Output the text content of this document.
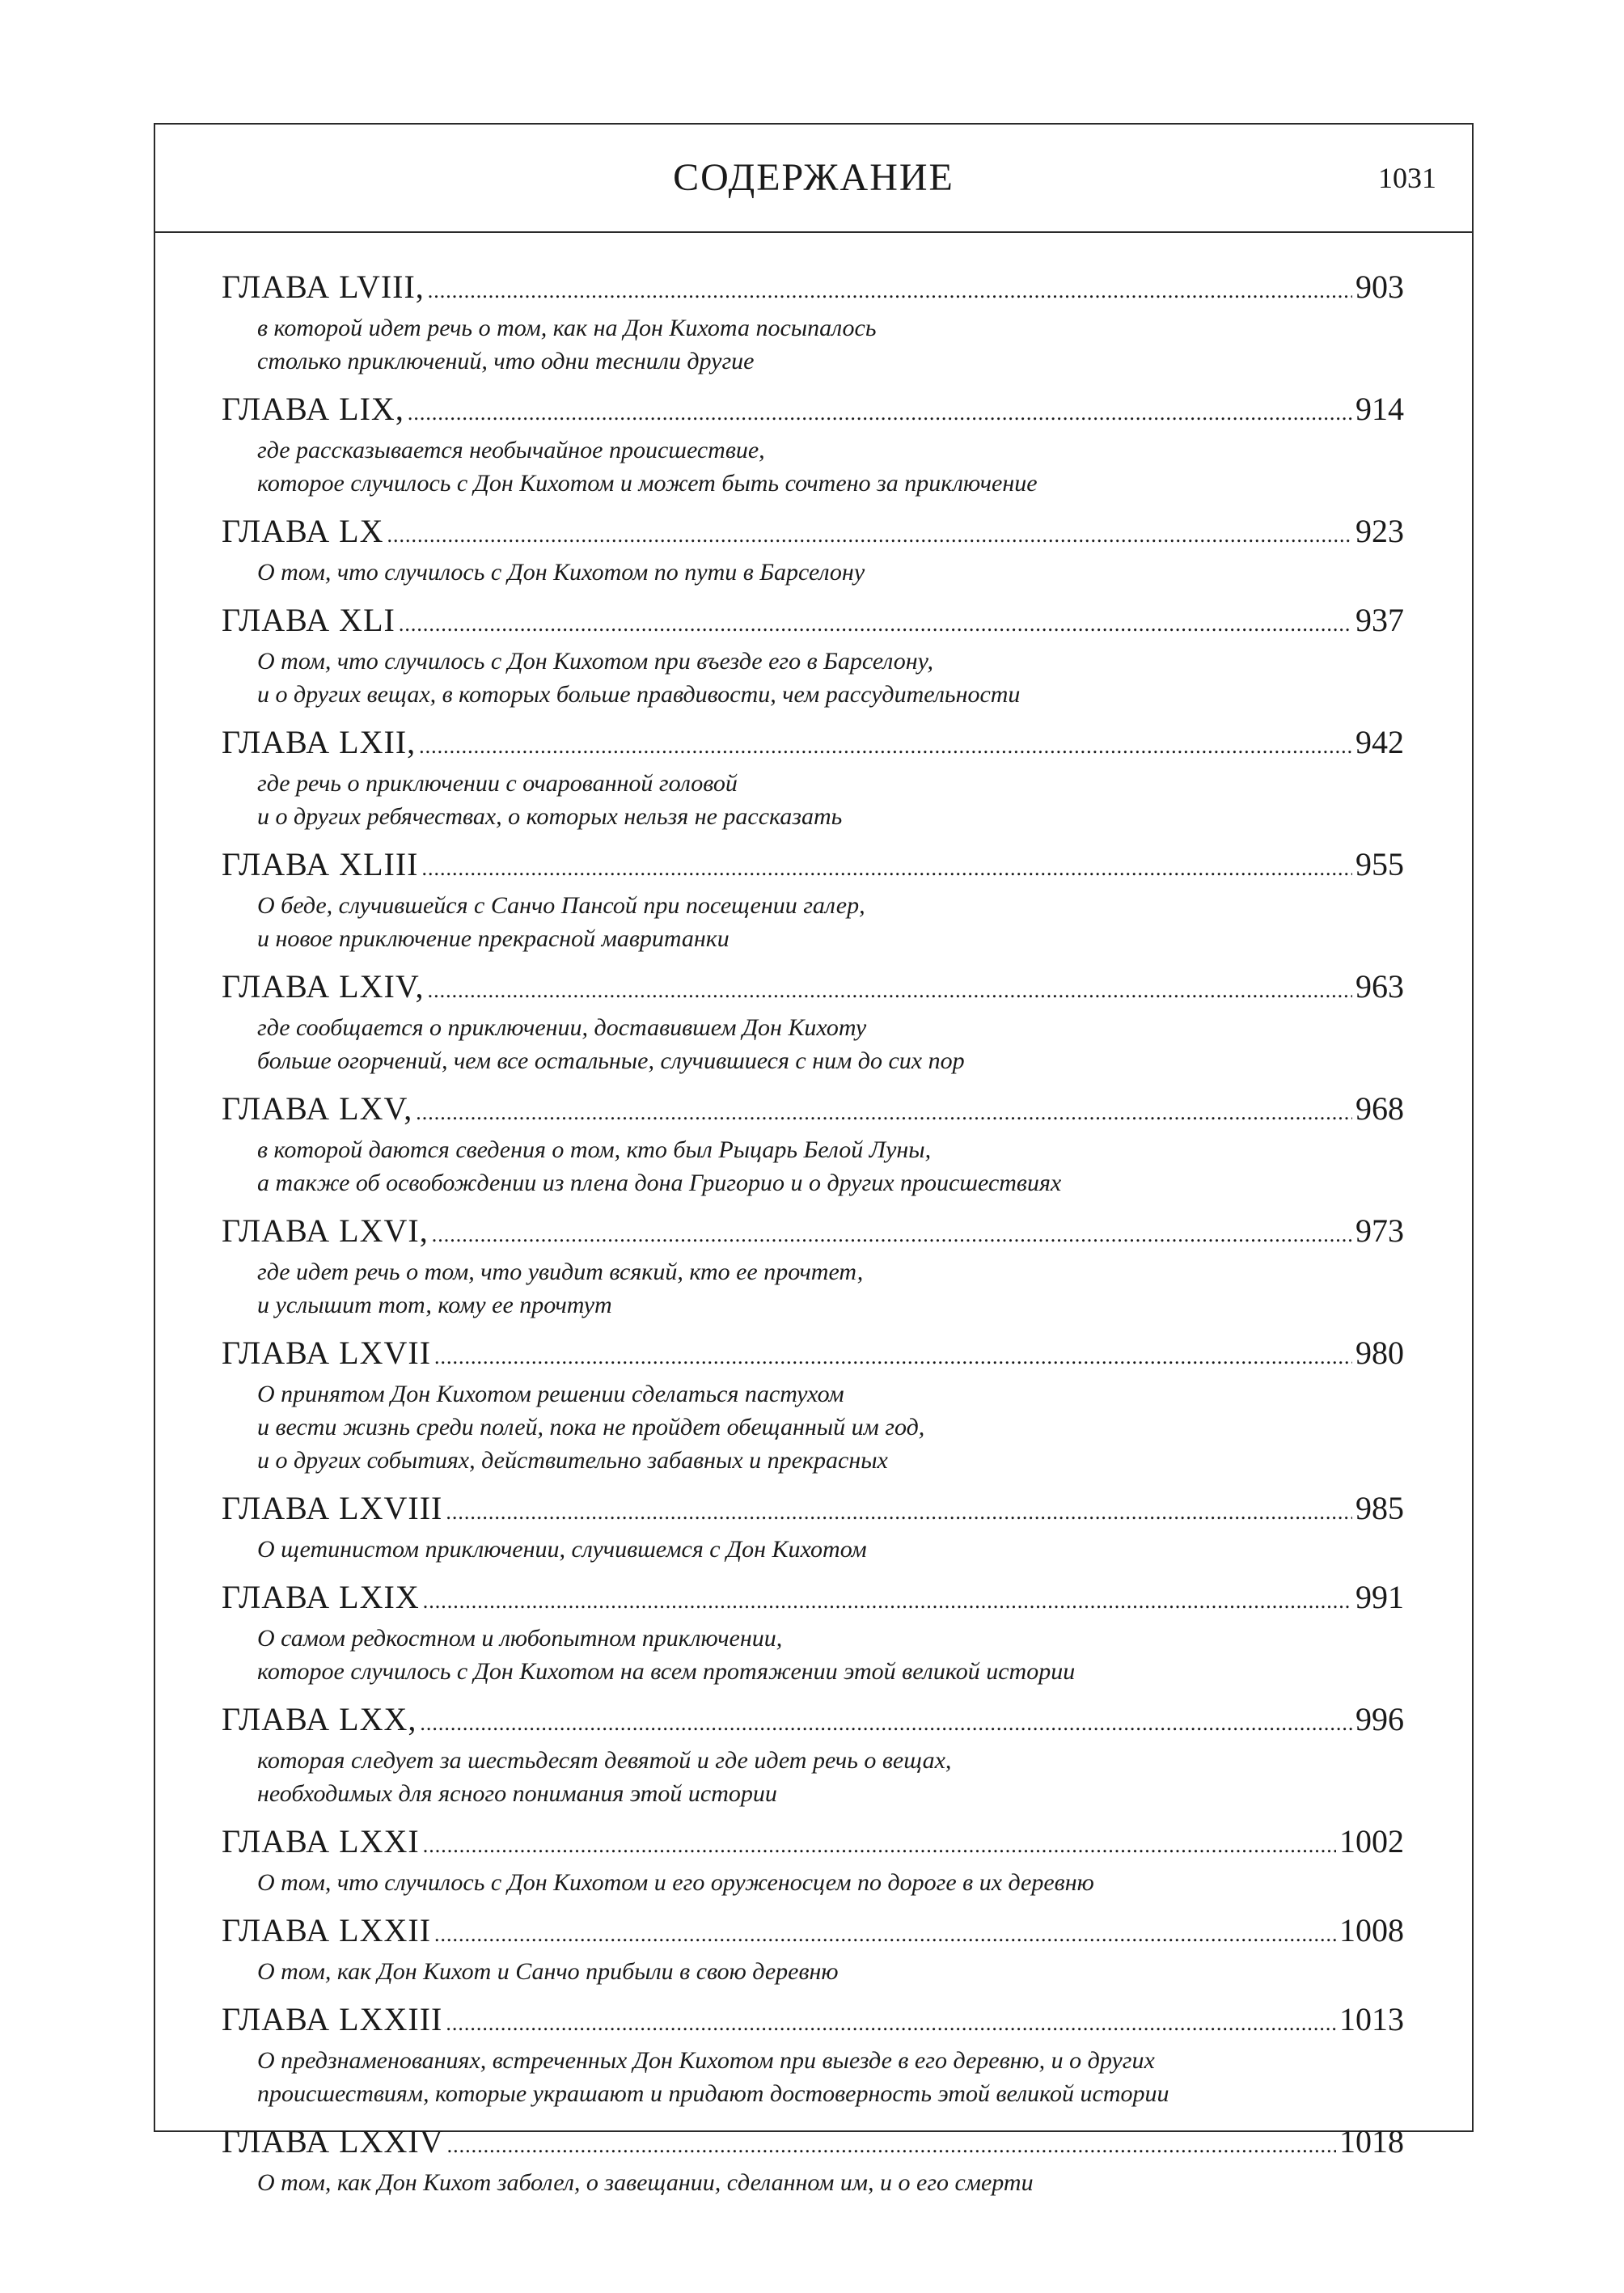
СОДЕРЖАНИЕ	1031
ГЛАВА LVIII, .....	903
в которой идет речь о том, как на Дон Кихота посыпалось
столько приключений, что одни теснили другие
ГЛАВА LIX, .....	914
где рассказывается необычайное происшествие,
которое случилось с Дон Кихотом и может быть сочтено за приключение
ГЛАВА LX .....	923
О том, что случилось с Дон Кихотом по пути в Барселону
ГЛАВА XLI .....	937
О том, что случилось с Дон Кихотом при въезде его в Барселону,
и о других вещах, в которых больше правдивости, чем рассудительности
ГЛАВА LXII, .....	942
где речь о приключении с очарованной головой
и о других ребячествах, о которых нельзя не рассказать
ГЛАВА XLIII .....	955
О беде, случившейся с Санчо Пансой при посещении галер,
и новое приключение прекрасной мавританки
ГЛАВА LXIV, .....	963
где сообщается о приключении, доставившем Дон Кихоту
больше огорчений, чем все остальные, случившиеся с ним до сих пор
ГЛАВА LXV, .....	968
в которой даются сведения о том, кто был Рыцарь Белой Луны,
а также об освобождении из плена дона Григорио и о других происшествиях
ГЛАВА LXVI, .....	973
где идет речь о том, что увидит всякий, кто ее прочтет,
и услышит тот, кому ее прочтут
ГЛАВА LXVII .....	980
О принятом Дон Кихотом решении сделаться пастухом
и вести жизнь среди полей, пока не пройдет обещанный им год,
и о других событиях, действительно забавных и прекрасных
ГЛАВА LXVIII .....	985
О щетинистом приключении, случившемся с Дон Кихотом
ГЛАВА LXIX .....	991
О самом редкостном и любопытном приключении,
которое случилось с Дон Кихотом на всем протяжении этой великой истории
ГЛАВА LXX, .....	996
которая следует за шестьдесят девятой и где идет речь о вещах,
необходимых для ясного понимания этой истории
ГЛАВА LXXI .....	1002
О том, что случилось с Дон Кихотом и его оруженосцем по дороге в их деревню
ГЛАВА LXXII .....	1008
О том, как Дон Кихот и Санчо прибыли в свою деревню
ГЛАВА LXXIII .....	1013
О предзнаменованиях, встреченных Дон Кихотом при выезде в его деревню, и о других
происшествиям, которые украшают и придают достоверность этой великой истории
ГЛАВА LXXIV .....	1018
О том, как Дон Кихот заболел, о завещании, сделанном им, и о его смерти
